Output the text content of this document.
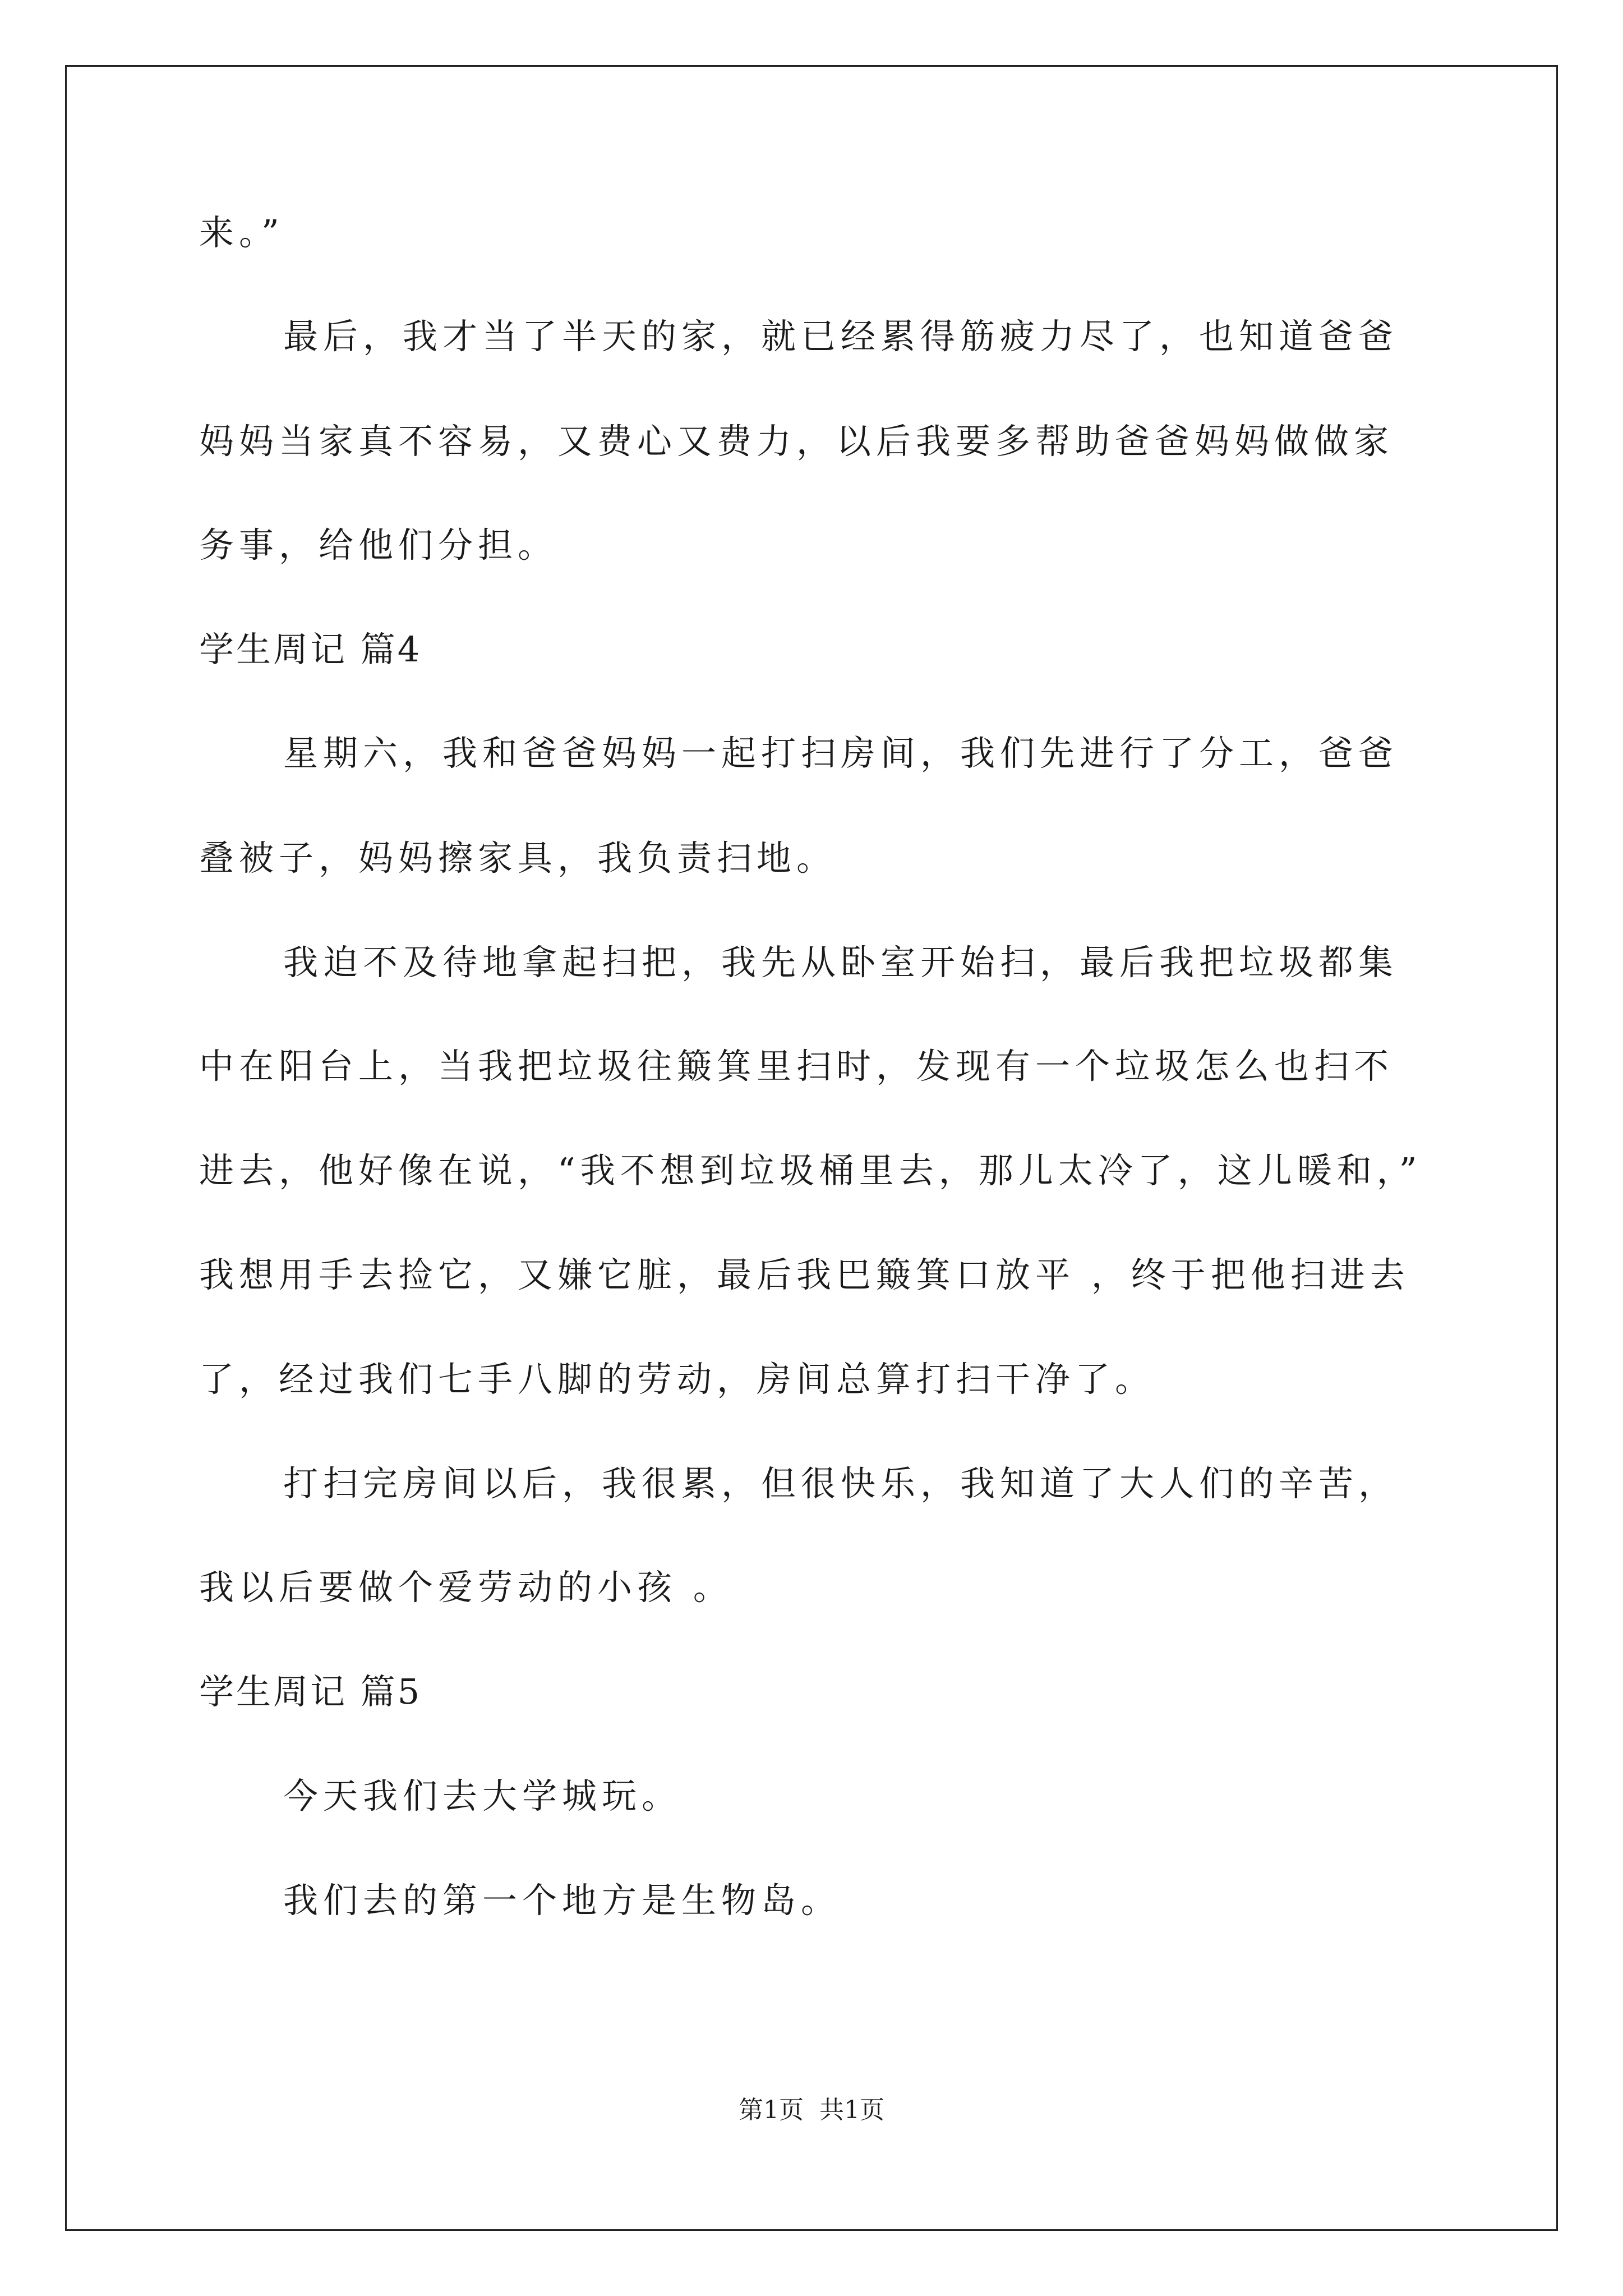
来。”
最后，我才当了半天的家，就已经累得筋疲力尽了，也知道爸爸
妈妈当家真不容易，又费心又费力，以后我要多帮助爸爸妈妈做做家
务事，给他们分担。
学生周记 篇4
星期六，我和爸爸妈妈一起打扫房间，我们先进行了分工，爸爸
叠被子，妈妈擦家具，我负责扫地。
我迫不及待地拿起扫把，我先从卧室开始扫，最后我把垃圾都集
中在阳台上，当我把垃圾往簸箕里扫时，发现有一个垃圾怎么也扫不
进去，他好像在说，“我不想到垃圾桶里去，那儿太冷了，这儿暖和，”
我想用手去捡它，又嫌它脏，最后我巴簸箕口放平 ，终于把他扫进去
了，经过我们七手八脚的劳动，房间总算打扫干净了。
打扫完房间以后，我很累，但很快乐，我知道了大人们的辛苦，
我以后要做个爱劳动的小孩 。
学生周记 篇5
今天我们去大学城玩。
我们去的第一个地方是生物岛。
第1页 共1页
